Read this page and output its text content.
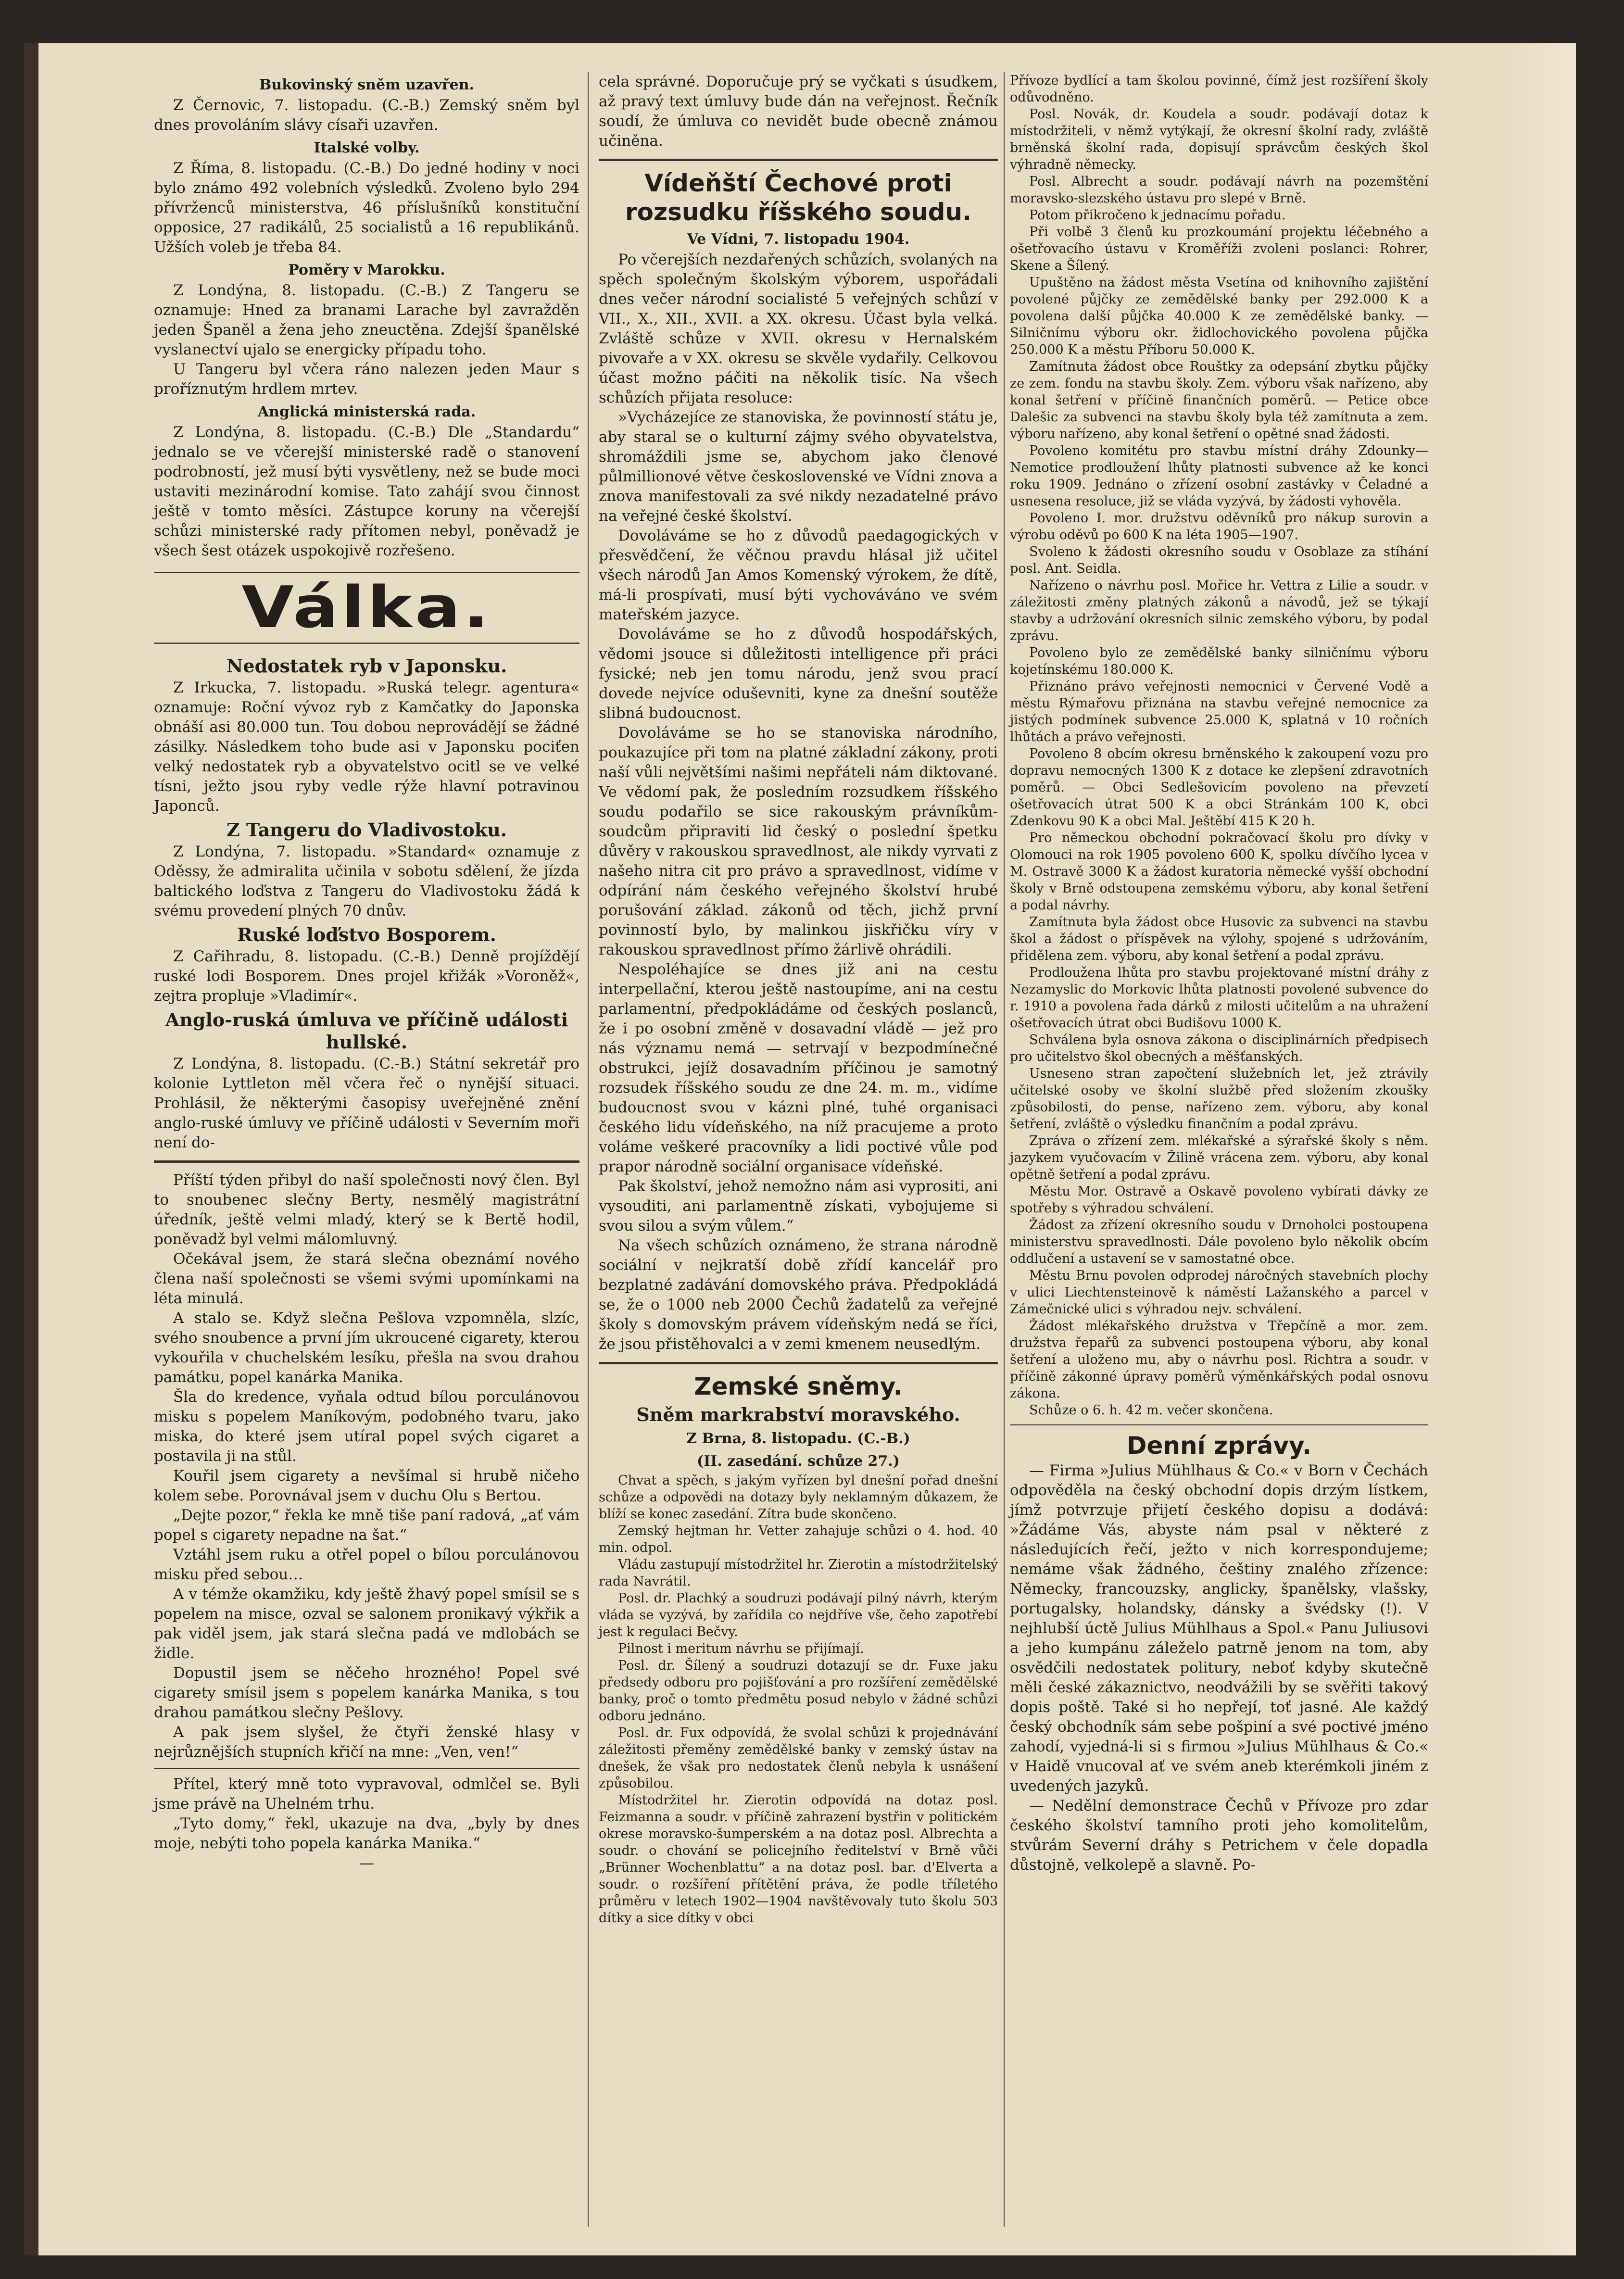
Bukovinský sněm uzavřen.

Z Černovic, 7. listopadu. (C.-B.) Zemský sněm byl dnes provoláním slávy císaři uzavřen.

Italské volby.

Z Říma, 8. listopadu. (C.-B.) Do jedné hodiny v noci bylo známo 492 volebních výsledků. Zvoleno bylo 294 přívrženců ministerstva, 46 příslušníků konstituční opposice, 27 radikálů, 25 socialistů a 16 republikánů. Užších voleb je třeba 84.

Poměry v Marokku.

Z Londýna, 8. listopadu. (C.-B.) Z Tangeru se oznamuje: Hned za branami Larache byl zavražděn jeden Španěl a žena jeho zneuctěna. Zdejší španělské vyslanectví ujalo se energicky případu toho.

U Tangeru byl včera ráno nalezen jeden Maur s proříznutým hrdlem mrtev.

Anglická ministerská rada.

Z Londýna, 8. listopadu. (C.-B.) Dle „Standardu“ jednalo se ve včerejší ministerské radě o stanovení podrobností, jež musí býti vysvětleny, než se bude moci ustaviti mezinárodní komise. Tato zahájí svou činnost ještě v tomto měsíci. Zástupce koruny na včerejší schůzi ministerské rady přítomen nebyl, poněvadž je všech šest otázek uspokojivě rozřešeno.

Válka.
Nedostatek ryb v Japonsku.

Z Irkucka, 7. listopadu. »Ruská telegr. agentura« oznamuje: Roční vývoz ryb z Kamčatky do Japonska obnáší asi 80.000 tun. Tou dobou neprovádějí se žádné zásilky. Následkem toho bude asi v Japonsku pociťen velký nedostatek ryb a obyvatelstvo ocitl se ve velké tísni, ježto jsou ryby vedle rýže hlavní potravinou Japonců.

Z Tangeru do Vladivostoku.

Z Londýna, 7. listopadu. »Standard« oznamuje z Oděssy, že admiralita učinila v sobotu sdělení, že jízda baltického loďstva z Tangeru do Vladivostoku žádá k svému provedení plných 70 dnův.

Ruské loďstvo Bosporem.

Z Cařihradu, 8. listopadu. (C.-B.) Denně projíždějí ruské lodi Bosporem. Dnes projel křižák »Voroněž«, zejtra propluje »Vladimír«.

Anglo-ruská úmluva ve příčině události hullské.

Z Londýna, 8. listopadu. (C.-B.) Státní sekretář pro kolonie Lyttleton měl včera řeč o nynější situaci. Prohlásil, že některými časopisy uveřejněné znění anglo-ruské úmluvy ve příčině události v Severním moři není do-

Příští týden přibyl do naší společnosti nový člen. Byl to snoubenec slečny Berty, nesmělý magistrátní úředník, ještě velmi mladý, který se k Bertě hodil, poněvadž byl velmi málomluvný.

Očekával jsem, že stará slečna obeznámí nového člena naší společnosti se všemi svými upomínkami na léta minulá.

A stalo se. Když slečna Pešlova vzpomněla, slzíc, svého snoubence a první jím ukroucené cigarety, kterou vykouřila v chuchelském lesíku, přešla na svou drahou památku, popel kanárka Manika.

Šla do kredence, vyňala odtud bílou porculánovou misku s popelem Maníkovým, podobného tvaru, jako miska, do které jsem utíral popel svých cigaret a postavila ji na stůl.

Kouřil jsem cigarety a nevšímal si hrubě ničeho kolem sebe. Porovnával jsem v duchu Olu s Bertou.

„Dejte pozor,“ řekla ke mně tiše paní radová, „ať vám popel s cigarety nepadne na šat.“

Vztáhl jsem ruku a otřel popel o bílou porculánovou misku před sebou…

A v témže okamžiku, kdy ještě žhavý popel smísil se s popelem na misce, ozval se salonem pronikavý výkřik a pak viděl jsem, jak stará slečna padá ve mdlobách se židle.

Dopustil jsem se něčeho hrozného! Popel své cigarety smísil jsem s popelem kanárka Manika, s tou drahou památkou slečny Pešlovy.

A pak jsem slyšel, že čtyři ženské hlasy v nejrůznějších stupních křičí na mne: „Ven, ven!“

Přítel, který mně toto vypravoval, odmlčel se. Byli jsme právě na Uhelném trhu.

„Tyto domy,“ řekl, ukazuje na dva, „byly by dnes moje, nebýti toho popela kanárka Manika.“

—

cela správné. Doporučuje prý se vyčkati s úsudkem, až pravý text úmluvy bude dán na veřejnost. Řečník soudí, že úmluva co nevidět bude obecně známou učiněna.

Vídeňští Čechové proti rozsudku říšského soudu.
Ve Vídni, 7. listopadu 1904.

Po včerejších nezdařených schůzích, svolaných na spěch společným školským výborem, uspořádali dnes večer národní socialisté 5 veřejných schůzí v VII., X., XII., XVII. a XX. okresu. Účast byla velká. Zvláště schůze v XVII. okresu v Hernalském pivovaře a v XX. okresu se skvěle vydařily. Celkovou účast možno páčiti na několik tisíc. Na všech schůzích přijata resoluce:

»Vycházejíce ze stanoviska, že povinností státu je, aby staral se o kulturní zájmy svého obyvatelstva, shromáždili jsme se, abychom jako členové půlmillionové větve československé ve Vídni znova a znova manifestovali za své nikdy nezadatelné právo na veřejné české školství.

Dovoláváme se ho z důvodů paedagogických v přesvědčení, že věčnou pravdu hlásal již učitel všech národů Jan Amos Komenský výrokem, že dítě, má-li prospívati, musí býti vychováváno ve svém mateřském jazyce.

Dovoláváme se ho z důvodů hospodářských, vědomi jsouce si důležitosti intelligence při práci fysické; neb jen tomu národu, jenž svou prací dovede nejvíce oduševniti, kyne za dnešní soutěže slibná budoucnost.

Dovoláváme se ho se stanoviska národního, poukazujíce při tom na platné základní zákony, proti naší vůli největšími našimi nepřáteli nám diktované. Ve vědomí pak, že posledním rozsudkem říšského soudu podařilo se sice rakouským právníkům-soudcům připraviti lid český o poslední špetku důvěry v rakouskou spravedlnost, ale nikdy vyrvati z našeho nitra cit pro právo a spravedlnost, vidíme v odpírání nám českého veřejného školství hrubé porušování základ. zákonů od těch, jichž první povinností bylo, by malinkou jiskřičku víry v rakouskou spravedlnost přímo žárlivě ohrádili.

Nespoléhajíce se dnes již ani na cestu interpellační, kterou ještě nastoupíme, ani na cestu parlamentní, předpokládáme od českých poslanců, že i po osobní změně v dosavadní vládě — jež pro nás významu nemá — setrvají v bezpodmínečné obstrukci, jejíž dosavadním příčinou je samotný rozsudek říšského soudu ze dne 24. m. m., vidíme budoucnost svou v kázni plné, tuhé organisaci českého lidu vídeňského, na níž pracujeme a proto voláme veškeré pracovníky a lidi poctivé vůle pod prapor národně sociální organisace vídeňské.

Pak školství, jehož nemožno nám asi vyprositi, ani vysouditi, ani parlamentně získati, vybojujeme si svou silou a svým vůlem.“

Na všech schůzích oznámeno, že strana národně sociální v nejkratší době zřídí kancelář pro bezplatné zadávání domovského práva. Předpokládá se, že o 1000 neb 2000 Čechů žadatelů za veřejné školy s domovským právem vídeňským nedá se říci, že jsou přistěhovalci a v zemi kmenem neusedlým.

Zemské sněmy.
Sněm markrabství moravského.
Z Brna, 8. listopadu. (C.-B.)
(II. zasedání. schůze 27.)

Chvat a spěch, s jakým vyřízen byl dnešní pořad dnešní schůze a odpovědi na dotazy byly neklamným důkazem, že blíží se konec zasedání. Zítra bude skončeno.

Zemský hejtman hr. Vetter zahajuje schůzi o 4. hod. 40 min. odpol.

Vládu zastupují místodržitel hr. Zierotin a místodržitelský rada Navrátil.

Posl. dr. Plachký a soudruzi podávají pilný návrh, kterým vláda se vyzývá, by zařídila co nejdříve vše, čeho zapotřebí jest k regulaci Bečvy.

Pilnost i meritum návrhu se přijímají.

Posl. dr. Šílený a soudruzi dotazují se dr. Fuxe jaku předsedy odboru pro pojišťování a pro rozšíření zemědělské banky, proč o tomto předmětu posud nebylo v žádné schůzi odboru jednáno.

Posl. dr. Fux odpovídá, že svolal schůzi k projednávání záležitosti přeměny zemědělské banky v zemský ústav na dnešek, že však pro nedostatek členů nebyla k usnášení způsobilou.

Místodržitel hr. Zierotin odpovídá na dotaz posl. Feizmanna a soudr. v příčině zahrazení bystřin v politickém okrese moravsko-šumperském a na dotaz posl. Albrechta a soudr. o chování se policejního ředitelství v Brně vůči „Brünner Wochenblattu“ a na dotaz posl. bar. d'Elverta a soudr. o rozšíření přítětění práva, že podle tříletého průměru v letech 1902—1904 navštěvovaly tuto školu 503 dítky a sice dítky v obci

Přívoze bydlící a tam školou povinné, čímž jest rozšíření školy odůvodněno.

Posl. Novák, dr. Koudela a soudr. podávají dotaz k místodržiteli, v němž vytýkají, že okresní školní rady, zvláště brněnská školní rada, dopisují správcům českých škol výhradně německy.

Posl. Albrecht a soudr. podávají návrh na pozemštění moravsko-slezského ústavu pro slepé v Brně.

Potom přikročeno k jednacímu pořadu.

Při volbě 3 členů ku prozkoumání projektu léčebného a ošetřovacího ústavu v Kroměříži zvoleni poslanci: Rohrer, Skene a Šílený.

Upuštěno na žádost města Vsetína od knihovního zajištění povolené půjčky ze zemědělské banky per 292.000 K a povolena další půjčka 40.000 K ze zemědělské banky. — Silničnímu výboru okr. židlochovického povolena půjčka 250.000 K a městu Příboru 50.000 K.

Zamítnuta žádost obce Rouštky za odepsání zbytku půjčky ze zem. fondu na stavbu školy. Zem. výboru však nařízeno, aby konal šetření v příčině finančních poměrů. — Petice obce Dalešic za subvenci na stavbu školy byla též zamítnuta a zem. výboru nařízeno, aby konal šetření o opětné snad žádosti.

Povoleno komitétu pro stavbu místní dráhy Zdounky—Nemotice prodloužení lhůty platnosti subvence až ke konci roku 1909. Jednáno o zřízení osobní zastávky v Čeladné a usnesena resoluce, již se vláda vyzývá, by žádosti vyhověla.

Povoleno I. mor. družstvu oděvníků pro nákup surovin a výrobu oděvů po 600 K na léta 1905—1907.

Svoleno k žádosti okresního soudu v Osoblaze za stíhání posl. Ant. Seidla.

Nařízeno o návrhu posl. Mořice hr. Vettra z Lilie a soudr. v záležitosti změny platných zákonů a návodů, jež se týkají stavby a udržování okresních silnic zemského výboru, by podal zprávu.

Povoleno bylo ze zemědělské banky silničnímu výboru kojetínskému 180.000 K.

Přiznáno právo veřejnosti nemocnici v Červené Vodě a městu Rýmařovu přiznána na stavbu veřejné nemocnice za jistých podmínek subvence 25.000 K, splatná v 10 ročních lhůtách a právo veřejnosti.

Povoleno 8 obcím okresu brněnského k zakoupení vozu pro dopravu nemocných 1300 K z dotace ke zlepšení zdravotních poměrů. — Obci Sedlešovicím povoleno na převzetí ošetřovacích útrat 500 K a obci Stránkám 100 K, obci Zdenkovu 90 K a obci Mal. Ještěbí 415 K 20 h.

Pro německou obchodní pokračovací školu pro dívky v Olomouci na rok 1905 povoleno 600 K, spolku dívčího lycea v M. Ostravě 3000 K a žádost kuratoria německé vyšší obchodní školy v Brně odstoupena zemskému výboru, aby konal šetření a podal návrhy.

Zamítnuta byla žádost obce Husovic za subvenci na stavbu škol a žádost o příspěvek na výlohy, spojené s udržováním, přidělena zem. výboru, aby konal šetření a podal zprávu.

Prodloužena lhůta pro stavbu projektované místní dráhy z Nezamyslic do Morkovic lhůta platnosti povolené subvence do r. 1910 a povolena řada dárků z milosti učitelům a na uhražení ošetřovacích útrat obci Budišovu 1000 K.

Schválena byla osnova zákona o disciplinárních předpisech pro učitelstvo škol obecných a měšťanských.

Usneseno stran započtení služebních let, jež ztrávily učitelské osoby ve školní službě před složením zkoušky způsobilosti, do pense, nařízeno zem. výboru, aby konal šetření, zvláště o výsledku finančním a podal zprávu.

Zpráva o zřízení zem. mlékařské a sýrařské školy s něm. jazykem vyučovacím v Žilině vrácena zem. výboru, aby konal opětně šetření a podal zprávu.

Městu Mor. Ostravě a Oskavě povoleno vybírati dávky ze spotřeby s výhradou schválení.

Žádost za zřízení okresního soudu v Drnoholci postoupena ministerstvu spravedlnosti. Dále povoleno bylo několik obcím oddlučení a ustavení se v samostatné obce.

Městu Brnu povolen odprodej náročných stavebních plochy v ulici Liechtensteinově k náměstí Lažanského a parcel v Zámečnické ulici s výhradou nejv. schválení.

Žádost mlékařského družstva v Třepčíně a mor. zem. družstva řepařů za subvenci postoupena výboru, aby konal šetření a uloženo mu, aby o návrhu posl. Richtra a soudr. v příčině zákonné úpravy poměrů výměnkářských podal osnovu zákona.

Schůze o 6. h. 42 m. večer skončena.

Denní zprávy.

— Firma »Julius Mühlhaus & Co.« v Born v Čechách odpověděla na český obchodní dopis drzým lístkem, jímž potvrzuje přijetí českého dopisu a dodává: »Žádáme Vás, abyste nám psal v některé z následujících řečí, ježto v nich korrespondujeme; nemáme však žádného, češtiny znalého zřízence: Německy, francouzsky, anglicky, španělsky, vlašsky, portugalsky, holandsky, dánsky a švédsky (!). V nejhlubší úctě Julius Mühlhaus a Spol.« Panu Juliusovi a jeho kumpánu záleželo patrně jenom na tom, aby osvědčili nedostatek politury, neboť kdyby skutečně měli české zákaznictvo, neodvážili by se svěřiti takový dopis poště. Také si ho nepřejí, toť jasné. Ale každý český obchodník sám sebe pošpiní a své poctivé jméno zahodí, vyjedná-li si s firmou »Julius Mühlhaus & Co.« v Haidě vnucoval ať ve svém aneb kterémkoli jiném z uvedených jazyků.

— Nedělní demonstrace Čechů v Přívoze pro zdar českého školství tamního proti jeho komolitelům, stvůrám Severní dráhy s Petrichem v čele dopadla důstojně, velkolepě a slavně. Po-
